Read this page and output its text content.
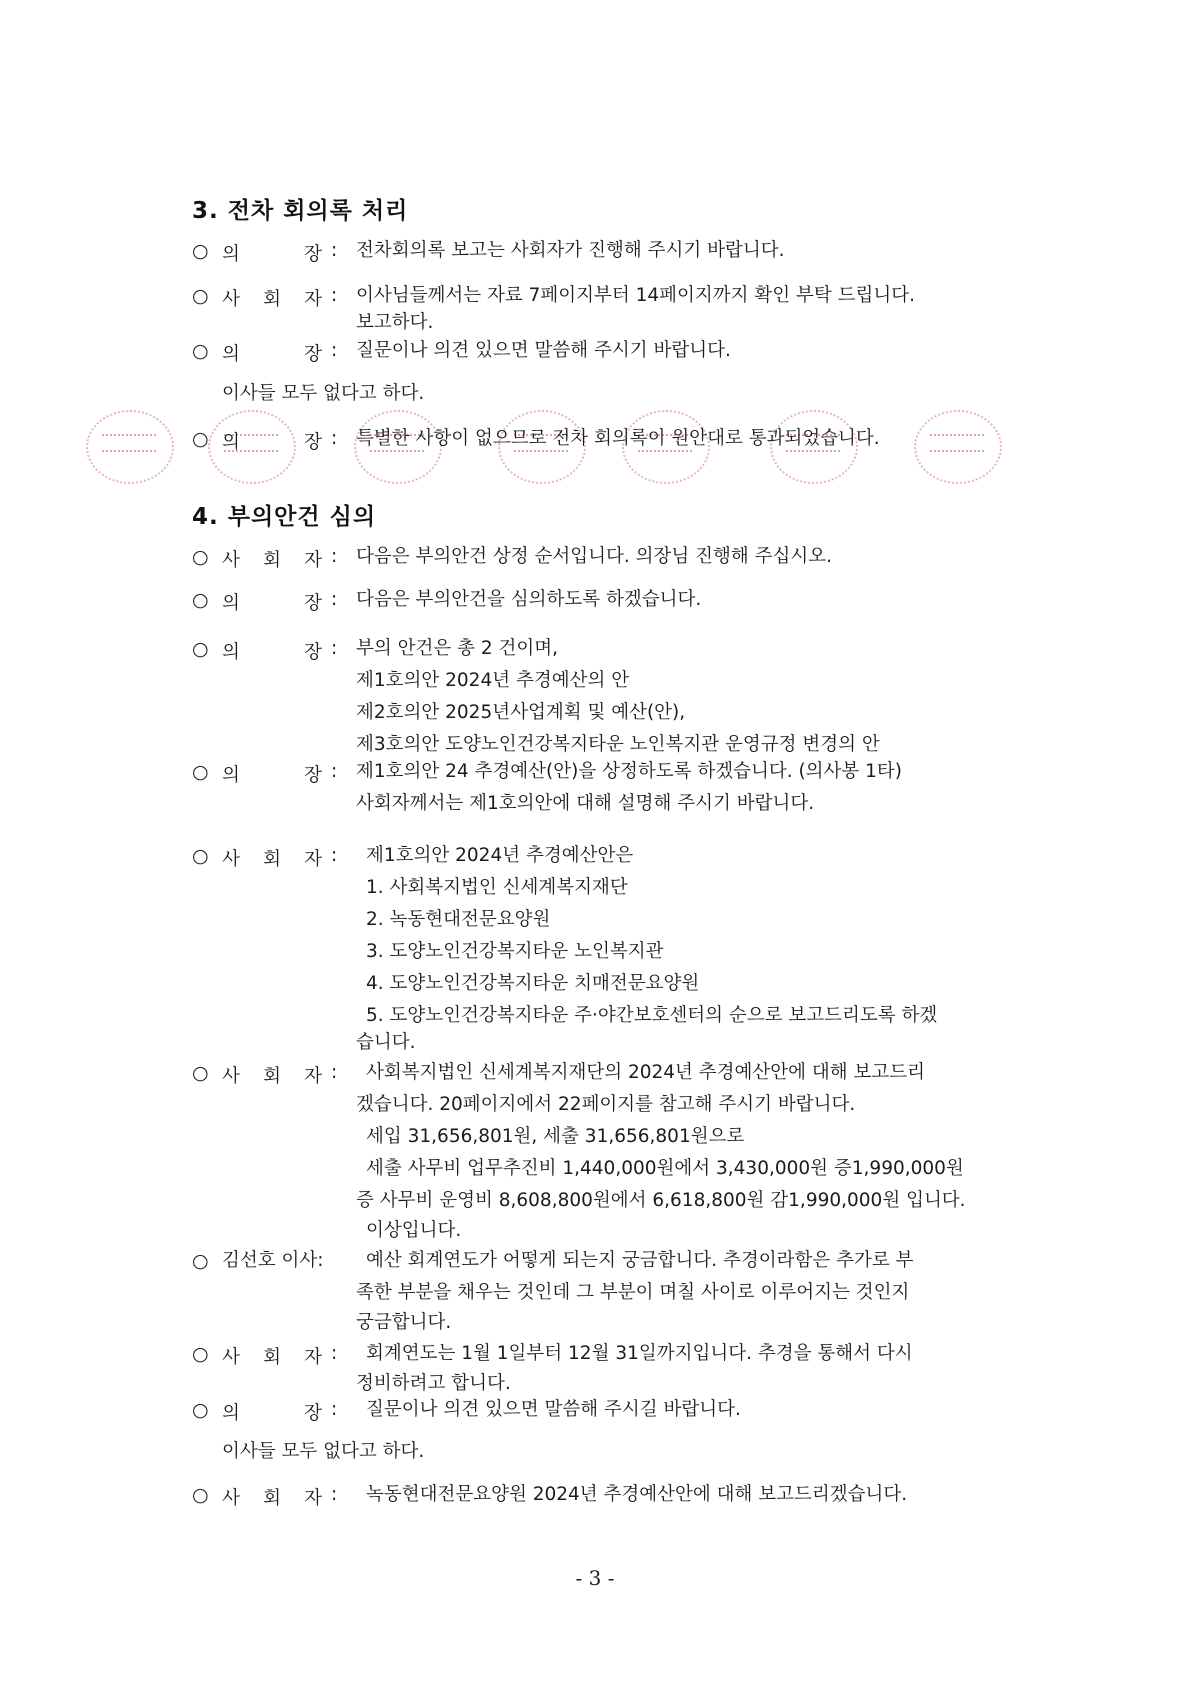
3. 전차 회의록 처리
○ 의	장 : 전차회의록 보고는 사회자가 진행해 주시기 바랍니다.
○ 사 회 자 : 이사님들께서는 자료 7페이지부터 14페이지까지 확인 부탁 드립니다.
보고하다.
○ 의	장 : 질문이나 의견 있으면 말씀해 주시기 바랍니다.
이사들 모두 없다고 하다.
○ 의	장 : 특별한 사항이 없으므로 전차 회의록이 원안대로 통과되었습니다.
4. 부의안건 심의
○ 사 회 자 : 다음은 부의안건 상정 순서입니다. 의장님 진행해 주십시오.
○ 의	장 : 다음은 부의안건을 심의하도록 하겠습니다.
○ 의	장 : 부의 안건은 총 2 건이며,
제1호의안 2024년 추경예산의 안
제2호의안 2025년사업계획 및 예산(안),
제3호의안 도양노인건강복지타운 노인복지관 운영규정 변경의 안
○ 의	장 : 제1호의안 24 추경예산(안)을 상정하도록 하겠습니다. (의사봉 1타)
사회자께서는 제1호의안에 대해 설명해 주시기 바랍니다.
○ 사 회 자 : 제1호의안 2024년 추경예산안은
1. 사회복지법인 신세계복지재단
2. 녹동현대전문요양원
3. 도양노인건강복지타운 노인복지관
4. 도양노인건강복지타운 치매전문요양원
5. 도양노인건강복지타운 주·야간보호센터의 순으로 보고드리도록 하겠
습니다.
○ 사 회 자 : 사회복지법인 신세계복지재단의 2024년 추경예산안에 대해 보고드리
겠습니다. 20페이지에서 22페이지를 참고해 주시기 바랍니다.
세입 31,656,801원, 세출 31,656,801원으로
세출 사무비 업무추진비 1,440,000원에서 3,430,000원 증1,990,000원
증 사무비 운영비 8,608,800원에서 6,618,800원 감1,990,000원 입니다.
이상입니다.
○ 김선호 이사: 예산 회계연도가 어떻게 되는지 궁금합니다. 추경이라함은 추가로 부
족한 부분을 채우는 것인데 그 부분이 며칠 사이로 이루어지는 것인지
궁금합니다.
○ 사 회 자 : 회계연도는 1월 1일부터 12월 31일까지입니다. 추경을 통해서 다시
정비하려고 합니다.
○ 의	장 : 질문이나 의견 있으면 말씀해 주시길 바랍니다.
이사들 모두 없다고 하다.
○ 사 회 자 : 녹동현대전문요양원 2024년 추경예산안에 대해 보고드리겠습니다.
- 3 -
